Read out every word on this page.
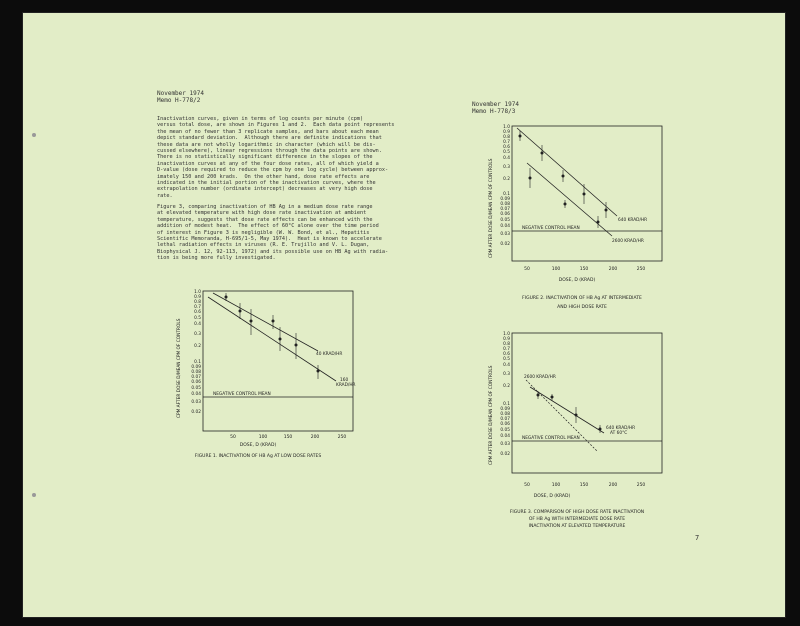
November 1974
Memo H-778/2
November 1974
Memo H-778/3
Inactivation curves, given in terms of log counts per minute (cpm)
versus total dose, are shown in Figures 1 and 2.  Each data point represents
the mean of no fewer than 3 replicate samples, and bars about each mean
depict standard deviation.  Although there are definite indications that
these data are not wholly logarithmic in character (which will be dis-
cussed elsewhere), linear regressions through the data points are shown.
There is no statistically significant difference in the slopes of the
inactivation curves at any of the four dose rates, all of which yield a
D-value (dose required to reduce the cpm by one log cycle) between approx-
imately 150 and 200 krads.  On the other hand, dose rate effects are
indicated in the initial portion of the inactivation curves, where the
extrapolation number (ordinate intercept) decreases at very high dose
rate.
Figure 3, comparing inactivation of HB Ag in a medium dose rate range
at elevated temperature with high dose rate inactivation at ambient
temperature, suggests that dose rate effects can be enhanced with the
addition of modest heat.  The effect of 60°C alone over the time period
of interest in Figure 3 is negligible (W. W. Bond, et al., Hepatitis
Scientific Memoranda, H-695/1-5, May 1974).  Heat is known to accelerate
lethal radiation effects in viruses (R. E. Trujillo and V. L. Dugan,
Biophysical J. 12, 92-113, 1972) and its possible use on HB Ag with radia-
tion is being more fully investigated.
1.0
0.9
0.8
0.7
0.6
0.5
0.4
0.3
0.2
0.1
0.09
0.08
0.07
0.06
0.05
0.04
0.03
0.02
CPM AFTER DOSE D/MEAN CPM OF CONTROLS
50	100	150	200	250
DOSE, D (KRAD)
NEGATIVE CONTROL MEAN
40 KRAD/HR
160
KRAD/HR
FIGURE 1. INACTIVATION OF HB Ag AT LOW DOSE RATES
1.0
0.9
0.8
0.7
0.6
0.5
0.4
0.3
0.2
0.1
0.09
0.08
0.07
0.06
0.05
0.04
0.03
0.02
CPM AFTER DOSE D/MEAN CPM OF CONTROLS
50	100	150	200	250
DOSE, D (KRAD)
NEGATIVE CONTROL MEAN
640 KRAD/HR
2600 KRAD/HR
FIGURE 2. INACTIVATION OF HB Ag AT INTERMEDIATE
AND HIGH DOSE RATE
1.0
0.9
0.8
0.7
0.6
0.5
0.4
0.3
0.2
0.1
0.09
0.08
0.07
0.06
0.05
0.04
0.03
0.02
CPM AFTER DOSE D/MEAN CPM OF CONTROLS
50	100	150	200	250
DOSE, D (KRAD)
NEGATIVE CONTROL MEAN
2600 KRAD/HR
640 KRAD/HR
AT 60°C
FIGURE 3. COMPARISON OF HIGH DOSE RATE INACTIVATION
OF HB Ag WITH INTERMEDIATE DOSE RATE
INACTIVATION AT ELEVATED TEMPERATURE
7
